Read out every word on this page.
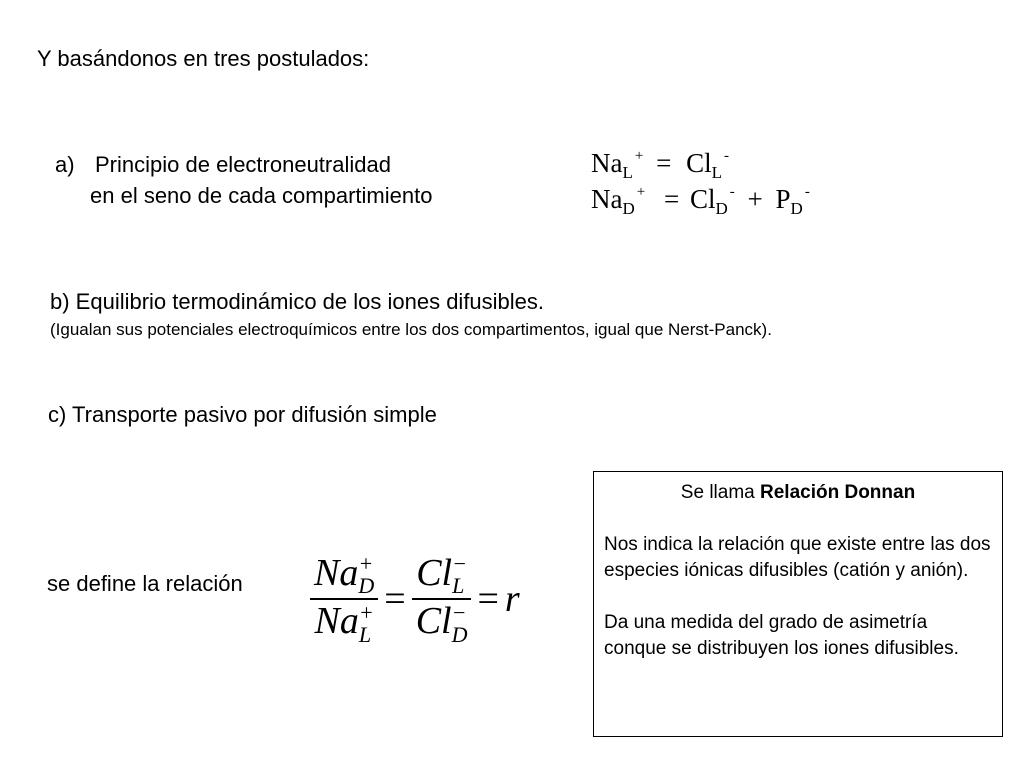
Y basándonos en tres postulados:
a) Principio de electroneutralidad
en el seno de cada compartimiento
$Na_L^+ = Cl_L^-$
$Na_D^+ = Cl_D^- + P_D^-$
b) Equilibrio termodinámico de los iones difusibles.
(Igualan sus potenciales electroquímicos entre los dos compartimentos, igual que Nerst-Panck).
c) Transporte pasivo por difusión simple
se define la relación Na +
D
Na +
L = Cl −
L
Cl −
D = r
Se llama Relación Donnan

Nos indica la relación que existe entre las dos especies iónicas difusibles (catión y anión).

Da una medida del grado de asimetría conque se distribuyen los iones difusibles.
